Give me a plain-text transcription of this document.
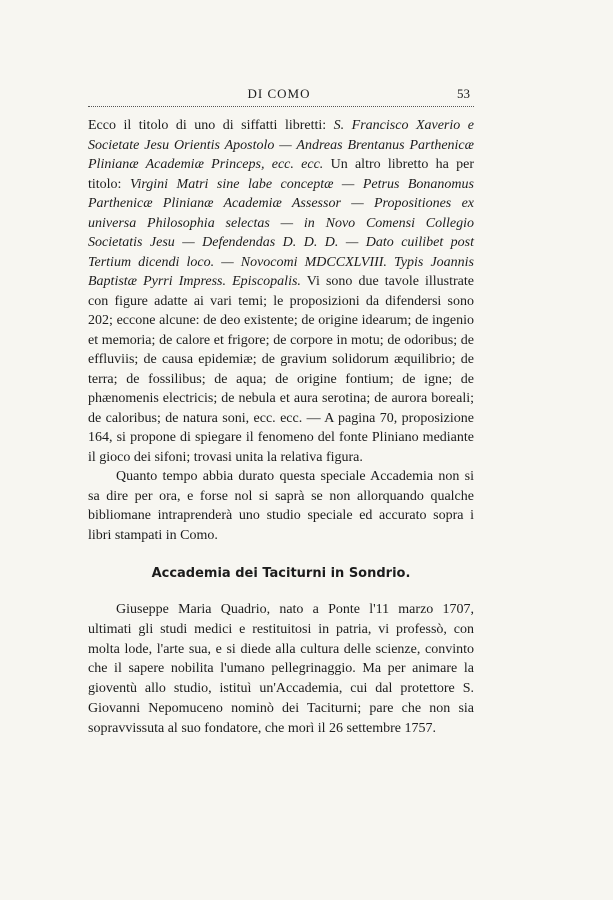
DI COMO	53

Ecco il titolo di uno di siffatti libretti: S. Francisco Xaverio e Societate Jesu Orientis Apostolo — Andreas Brentanus Parthenicæ Plinianæ Academiæ Princeps, ecc. ecc. Un altro libretto ha per titolo: Virgini Matri sine labe conceptæ — Petrus Bonanomus Parthenicæ Plinianæ Academiæ Assessor — Propositiones ex universa Philosophia selectas — in Novo Comensi Collegio Societatis Jesu — Defendendas D. D. D. — Dato cuilibet post Tertium dicendi loco. — Novocomi MDCCXLVIII. Typis Joannis Baptistæ Pyrri Impress. Episcopalis. Vi sono due tavole illustrate con figure adatte ai vari temi; le proposizioni da difendersi sono 202; eccone alcune: de deo existente; de origine idearum; de ingenio et memoria; de calore et frigore; de corpore in motu; de odoribus; de effluviis; de causa epidemiæ; de gravium solidorum æquilibrio; de terra; de fossilibus; de aqua; de origine fontium; de igne; de phænomenis electricis; de nebula et aura serotina; de aurora boreali; de caloribus; de natura soni, ecc. ecc. — A pagina 70, proposizione 164, si propone di spiegare il fenomeno del fonte Pliniano mediante il gioco dei sifoni; trovasi unita la relativa figura.

Quanto tempo abbia durato questa speciale Accademia non si sa dire per ora, e forse nol si saprà se non allorquando qualche bibliomane intraprenderà uno studio speciale ed accurato sopra i libri stampati in Como.

Accademia dei Taciturni in Sondrio.

Giuseppe Maria Quadrio, nato a Ponte l'11 marzo 1707, ultimati gli studi medici e restituitosi in patria, vi professò, con molta lode, l'arte sua, e si diede alla cultura delle scienze, convinto che il sapere nobilita l'umano pellegrinaggio. Ma per animare la gioventù allo studio, istituì un'Accademia, cui dal protettore S. Giovanni Nepomuceno nominò dei Taciturni; pare che non sia sopravvissuta al suo fondatore, che morì il 26 settembre 1757.
